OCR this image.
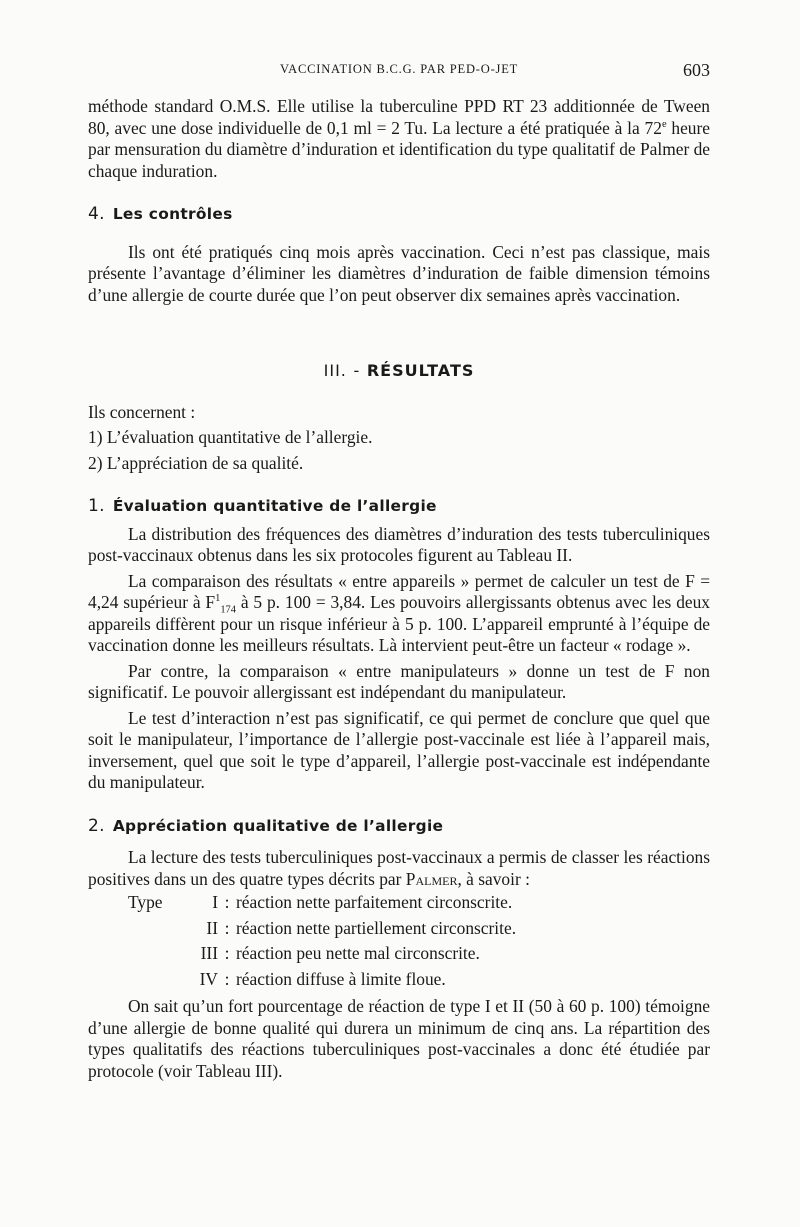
VACCINATION B.C.G. PAR PED-O-JET	603

méthode standard O.M.S. Elle utilise la tuberculine PPD RT 23 additionnée de Tween 80, avec une dose individuelle de 0,1 ml = 2 Tu. La lecture a été pratiquée à la 72e heure par mensuration du diamètre d’induration et identification du type qualitatif de Palmer de chaque induration.

4. Les contrôles

Ils ont été pratiqués cinq mois après vaccination. Ceci n’est pas classique, mais présente l’avantage d’éliminer les diamètres d’induration de faible dimension témoins d’une allergie de courte durée que l’on peut observer dix semaines après vaccination.

III. - RÉSULTATS

Ils concernent :

1) L’évaluation quantitative de l’allergie.

2) L’appréciation de sa qualité.

1. Évaluation quantitative de l’allergie

La distribution des fréquences des diamètres d’induration des tests tuberculiniques post-vaccinaux obtenus dans les six protocoles figurent au Tableau II.

La comparaison des résultats « entre appareils » permet de calculer un test de F = 4,24 supérieur à $F^1_{174}$ à 5 p. 100 = 3,84. Les pouvoirs allergissants obtenus avec les deux appareils diffèrent pour un risque inférieur à 5 p. 100. L’appareil emprunté à l’équipe de vaccination donne les meilleurs résultats. Là intervient peut-être un facteur « rodage ».

Par contre, la comparaison « entre manipulateurs » donne un test de F non significatif. Le pouvoir allergissant est indépendant du manipulateur.

Le test d’interaction n’est pas significatif, ce qui permet de conclure que quel que soit le manipulateur, l’importance de l’allergie post-vaccinale est liée à l’appareil mais, inversement, quel que soit le type d’appareil, l’allergie post-vaccinale est indépendante du manipulateur.

2. Appréciation qualitative de l’allergie

La lecture des tests tuberculiniques post-vaccinaux a permis de classer les réactions positives dans un des quatre types décrits par Palmer, à savoir :

Type	I : réaction nette parfaitement circonscrite.
II : réaction nette partiellement circonscrite.
III : réaction peu nette mal circonscrite.
IV : réaction diffuse à limite floue.

On sait qu’un fort pourcentage de réaction de type I et II (50 à 60 p. 100) témoigne d’une allergie de bonne qualité qui durera un minimum de cinq ans. La répartition des types qualitatifs des réactions tuberculiniques post-vaccinales a donc été étudiée par protocole (voir Tableau III).
